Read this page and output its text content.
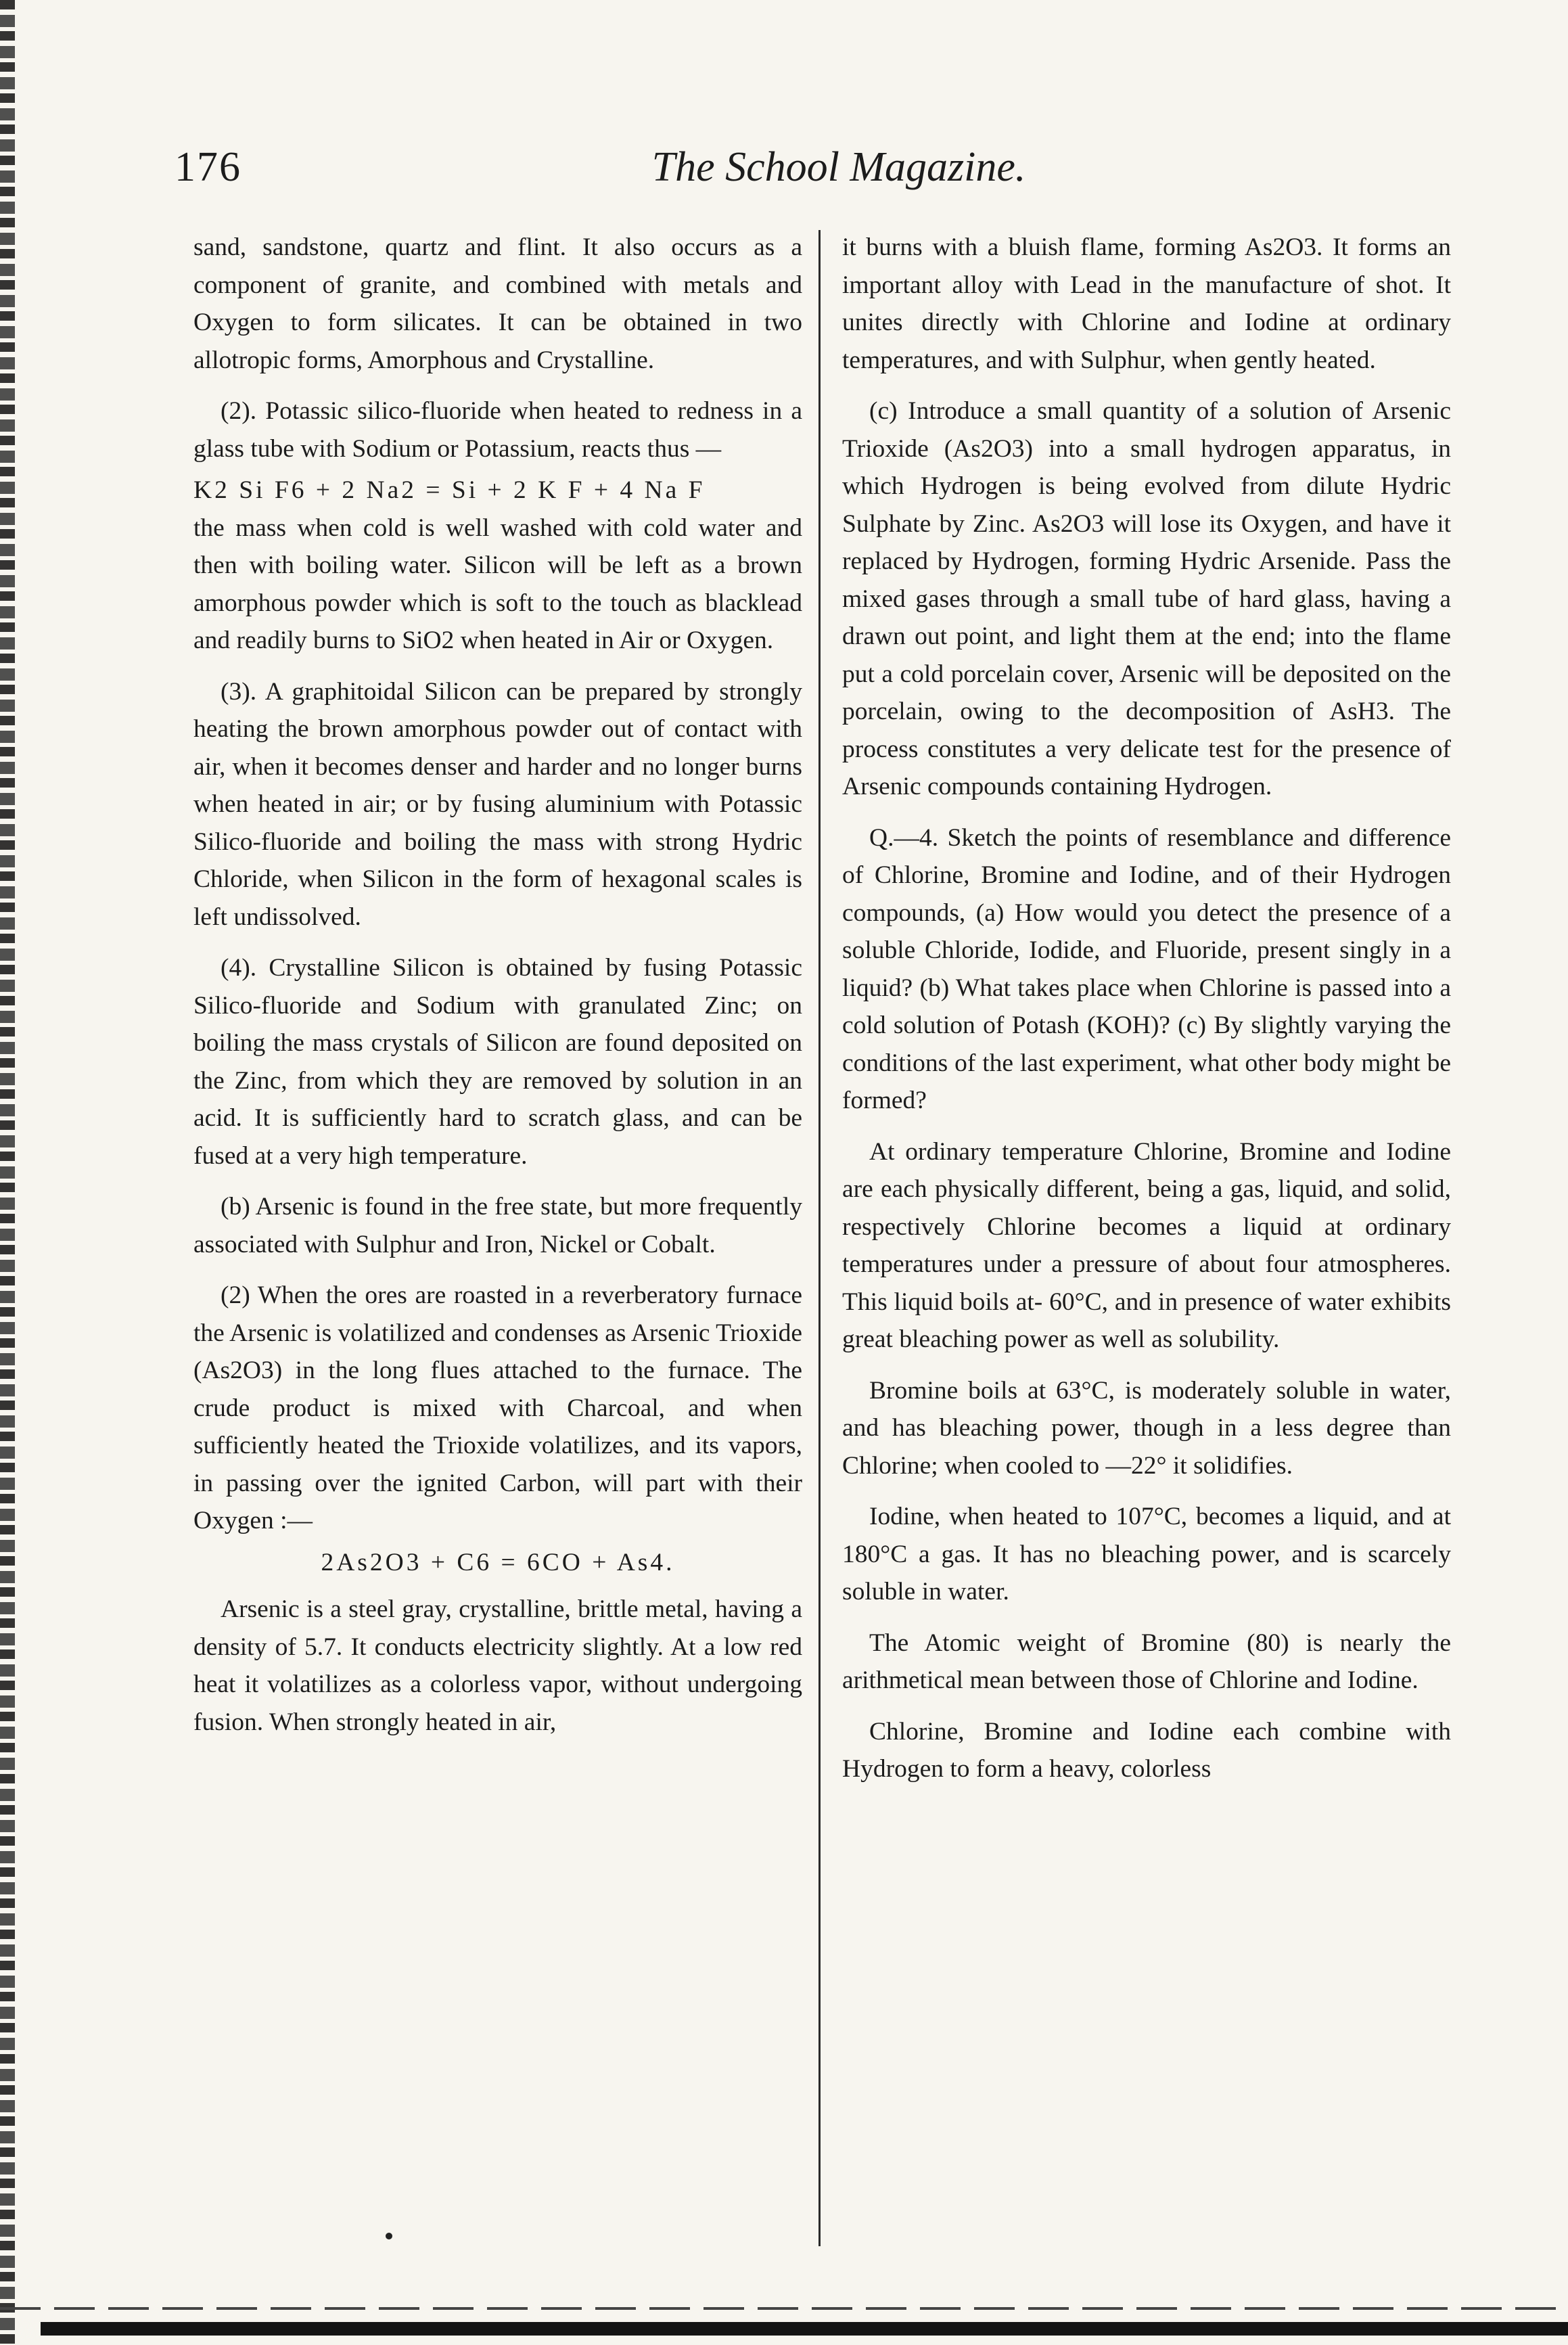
176	The School Magazine.

sand, sandstone, quartz and flint. It also occurs as a component of granite, and combined with metals and Oxygen to form silicates. It can be obtained in two allotropic forms, Amorphous and Crystalline.

(2). Potassic silico-fluoride when heated to redness in a glass tube with Sodium or Potassium, reacts thus —

K2 Si F6 + 2 Na2 = Si + 2 K F + 4 Na F

the mass when cold is well washed with cold water and then with boiling water. Silicon will be left as a brown amorphous powder which is soft to the touch as blacklead and readily burns to SiO2 when heated in Air or Oxygen.

(3). A graphitoidal Silicon can be prepared by strongly heating the brown amorphous powder out of contact with air, when it becomes denser and harder and no longer burns when heated in air; or by fusing aluminium with Potassic Silico-fluoride and boiling the mass with strong Hydric Chloride, when Silicon in the form of hexagonal scales is left undissolved.

(4). Crystalline Silicon is obtained by fusing Potassic Silico-fluoride and Sodium with granulated Zinc; on boiling the mass crystals of Silicon are found deposited on the Zinc, from which they are removed by solution in an acid. It is sufficiently hard to scratch glass, and can be fused at a very high temperature.

(b) Arsenic is found in the free state, but more frequently associated with Sulphur and Iron, Nickel or Cobalt.

(2) When the ores are roasted in a reverberatory furnace the Arsenic is volatilized and condenses as Arsenic Trioxide (As2O3) in the long flues attached to the furnace. The crude product is mixed with Charcoal, and when sufficiently heated the Trioxide volatilizes, and its vapors, in passing over the ignited Carbon, will part with their Oxygen :—

2As2O3 + C6 = 6CO + As4.

Arsenic is a steel gray, crystalline, brittle metal, having a density of 5.7. It conducts electricity slightly. At a low red heat it volatilizes as a colorless vapor, without undergoing fusion. When strongly heated in air,

it burns with a bluish flame, forming As2O3. It forms an important alloy with Lead in the manufacture of shot. It unites directly with Chlorine and Iodine at ordinary temperatures, and with Sulphur, when gently heated.

(c) Introduce a small quantity of a solution of Arsenic Trioxide (As2O3) into a small hydrogen apparatus, in which Hydrogen is being evolved from dilute Hydric Sulphate by Zinc. As2O3 will lose its Oxygen, and have it replaced by Hydrogen, forming Hydric Arsenide. Pass the mixed gases through a small tube of hard glass, having a drawn out point, and light them at the end; into the flame put a cold porcelain cover, Arsenic will be deposited on the porcelain, owing to the decomposition of AsH3. The process constitutes a very delicate test for the presence of Arsenic compounds containing Hydrogen.

Q.—4. Sketch the points of resemblance and difference of Chlorine, Bromine and Iodine, and of their Hydrogen compounds, (a) How would you detect the presence of a soluble Chloride, Iodide, and Fluoride, present singly in a liquid? (b) What takes place when Chlorine is passed into a cold solution of Potash (KOH)? (c) By slightly varying the conditions of the last experiment, what other body might be formed?

At ordinary temperature Chlorine, Bromine and Iodine are each physically different, being a gas, liquid, and solid, respectively Chlorine becomes a liquid at ordinary temperatures under a pressure of about four atmospheres. This liquid boils at- 60°C, and in presence of water exhibits great bleaching power as well as solubility.

Bromine boils at 63°C, is moderately soluble in water, and has bleaching power, though in a less degree than Chlorine; when cooled to —22° it solidifies.

Iodine, when heated to 107°C, becomes a liquid, and at 180°C a gas. It has no bleaching power, and is scarcely soluble in water.

The Atomic weight of Bromine (80) is nearly the arithmetical mean between those of Chlorine and Iodine.

Chlorine, Bromine and Iodine each combine with Hydrogen to form a heavy, colorless
